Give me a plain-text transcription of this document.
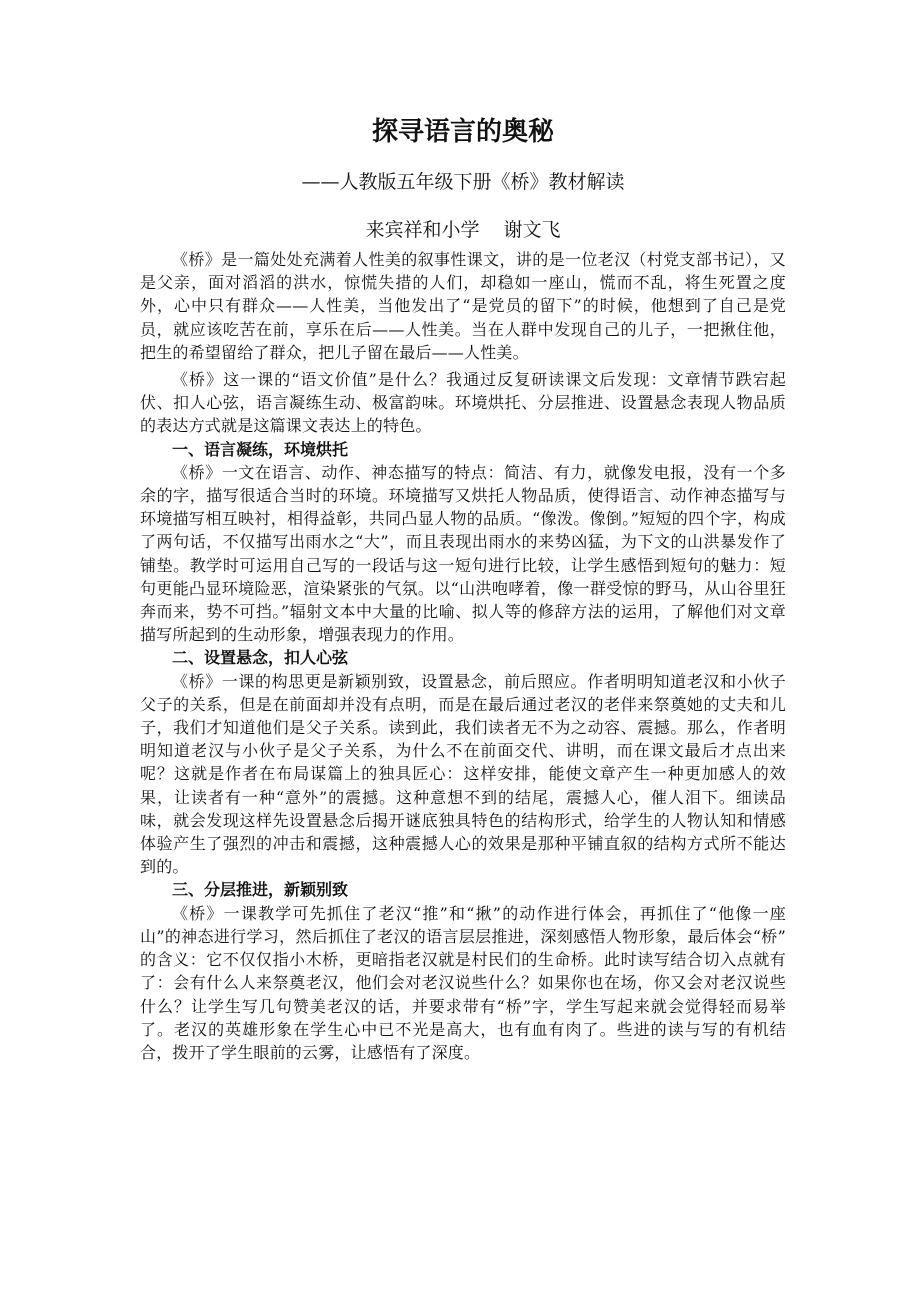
探寻语言的奥秘

——人教版五年级下册《桥》教材解读

来宾祥和小学 谢文飞

《桥》是一篇处处充满着人性美的叙事性课文，讲的是一位老汉（村党支部书记），又是父亲，面对滔滔的洪水，惊慌失措的人们，却稳如一座山，慌而不乱，将生死置之度外，心中只有群众——人性美，当他发出了“是党员的留下”的时候，他想到了自己是党员，就应该吃苦在前，享乐在后——人性美。当在人群中发现自己的儿子，一把揪住他，把生的希望留给了群众，把儿子留在最后——人性美。

《桥》这一课的“语文价值”是什么？我通过反复研读课文后发现：文章情节跌宕起伏、扣人心弦，语言凝练生动、极富韵味。环境烘托、分层推进、设置悬念表现人物品质的表达方式就是这篇课文表达上的特色。

一、语言凝练，环境烘托

《桥》一文在语言、动作、神态描写的特点：简洁、有力，就像发电报，没有一个多余的字，描写很适合当时的环境。环境描写又烘托人物品质，使得语言、动作神态描写与环境描写相互映衬，相得益彰，共同凸显人物的品质。“像泼。像倒。”短短的四个字，构成了两句话，不仅描写出雨水之“大”，而且表现出雨水的来势凶猛，为下文的山洪暴发作了铺垫。教学时可运用自己写的一段话与这一短句进行比较，让学生感悟到短句的魅力：短句更能凸显环境险恶，渲染紧张的气氛。以“山洪咆哮着，像一群受惊的野马，从山谷里狂奔而来，势不可挡。”辐射文本中大量的比喻、拟人等的修辞方法的运用，了解他们对文章描写所起到的生动形象，增强表现力的作用。

二、设置悬念，扣人心弦

《桥》一课的构思更是新颖别致，设置悬念，前后照应。作者明明知道老汉和小伙子父子的关系，但是在前面却并没有点明，而是在最后通过老汉的老伴来祭奠她的丈夫和儿子，我们才知道他们是父子关系。读到此，我们读者无不为之动容、震撼。那么，作者明明知道老汉与小伙子是父子关系，为什么不在前面交代、讲明，而在课文最后才点出来呢？这就是作者在布局谋篇上的独具匠心：这样安排，能使文章产生一种更加感人的效果，让读者有一种“意外”的震撼。这种意想不到的结尾，震撼人心，催人泪下。细读品味，就会发现这样先设置悬念后揭开谜底独具特色的结构形式，给学生的人物认知和情感体验产生了强烈的冲击和震撼，这种震撼人心的效果是那种平铺直叙的结构方式所不能达到的。

三、分层推进，新颖别致

《桥》一课教学可先抓住了老汉“推”和“揪”的动作进行体会，再抓住了“他像一座山”的神态进行学习，然后抓住了老汉的语言层层推进，深刻感悟人物形象，最后体会“桥”　的含义：它不仅仅指小木桥，更暗指老汉就是村民们的生命桥。此时读写结合切入点就有了：会有什么人来祭奠老汉，他们会对老汉说些什么？如果你也在场，你又会对老汉说些什么？让学生写几句赞美老汉的话，并要求带有“桥”字，学生写起来就会觉得轻而易举了。老汉的英雄形象在学生心中已不光是高大，也有血有肉了。些进的读与写的有机结合，拨开了学生眼前的云雾，让感悟有了深度。
